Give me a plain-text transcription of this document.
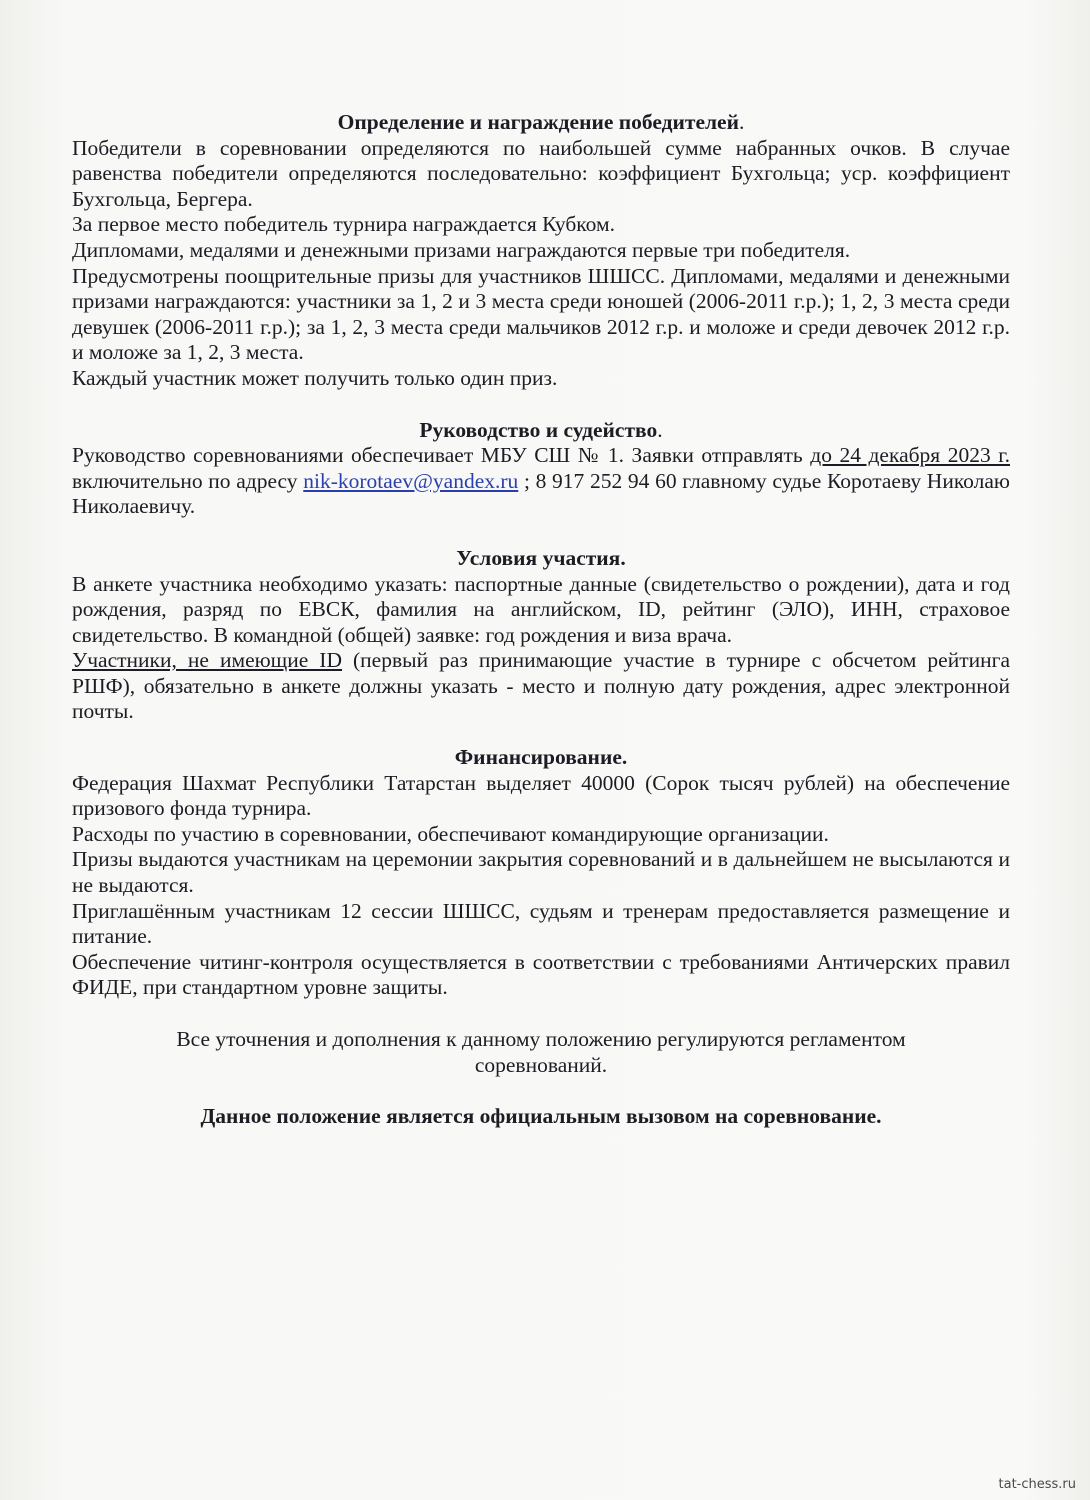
Определение и награждение победителей.

Победители в соревновании определяются по наибольшей сумме набранных очков. В случае равенства победители определяются последовательно: коэффициент Бухгольца; уср. коэффициент Бухгольца, Бергера.

За первое место победитель турнира награждается Кубком.

Дипломами, медалями и денежными призами награждаются первые три победителя.

Предусмотрены поощрительные призы для участников ШШСС. Дипломами, медалями и денежными призами награждаются: участники за 1, 2 и 3 места среди юношей (2006-2011 г.р.); 1, 2, 3 места среди девушек (2006-2011 г.р.); за 1, 2, 3 места среди мальчиков 2012 г.р. и моложе и среди девочек 2012 г.р. и моложе за 1, 2, 3 места.

Каждый участник может получить только один приз.

Руководство и судейство.

Руководство соревнованиями обеспечивает МБУ СШ № 1. Заявки отправлять до 24 декабря 2023 г. включительно по адресу nik-korotaev@yandex.ru ; 8 917 252 94 60 главному судье Коротаеву Николаю Николаевичу.

Условия участия.

В анкете участника необходимо указать: паспортные данные (свидетельство о рождении), дата и год рождения, разряд по ЕВСК, фамилия на английском, ID, рейтинг (ЭЛО), ИНН, страховое свидетельство. В командной (общей) заявке: год рождения и виза врача.

Участники, не имеющие ID (первый раз принимающие участие в турнире с обсчетом рейтинга РШФ), обязательно в анкете должны указать - место и полную дату рождения, адрес электронной почты.

Финансирование.

Федерация Шахмат Республики Татарстан выделяет 40000 (Сорок тысяч рублей) на обеспечение призового фонда турнира.

Расходы по участию в соревновании, обеспечивают командирующие организации.

Призы выдаются участникам на церемонии закрытия соревнований и в дальнейшем не высылаются и не выдаются.

Приглашённым участникам 12 сессии ШШСС, судьям и тренерам предоставляется размещение и питание.

Обеспечение читинг-контроля осуществляется в соответствии с требованиями Античерских правил ФИДЕ, при стандартном уровне защиты.

Все уточнения и дополнения к данному положению регулируются регламентом соревнований.

Данное положение является официальным вызовом на соревнование.

tat-chess.ru
